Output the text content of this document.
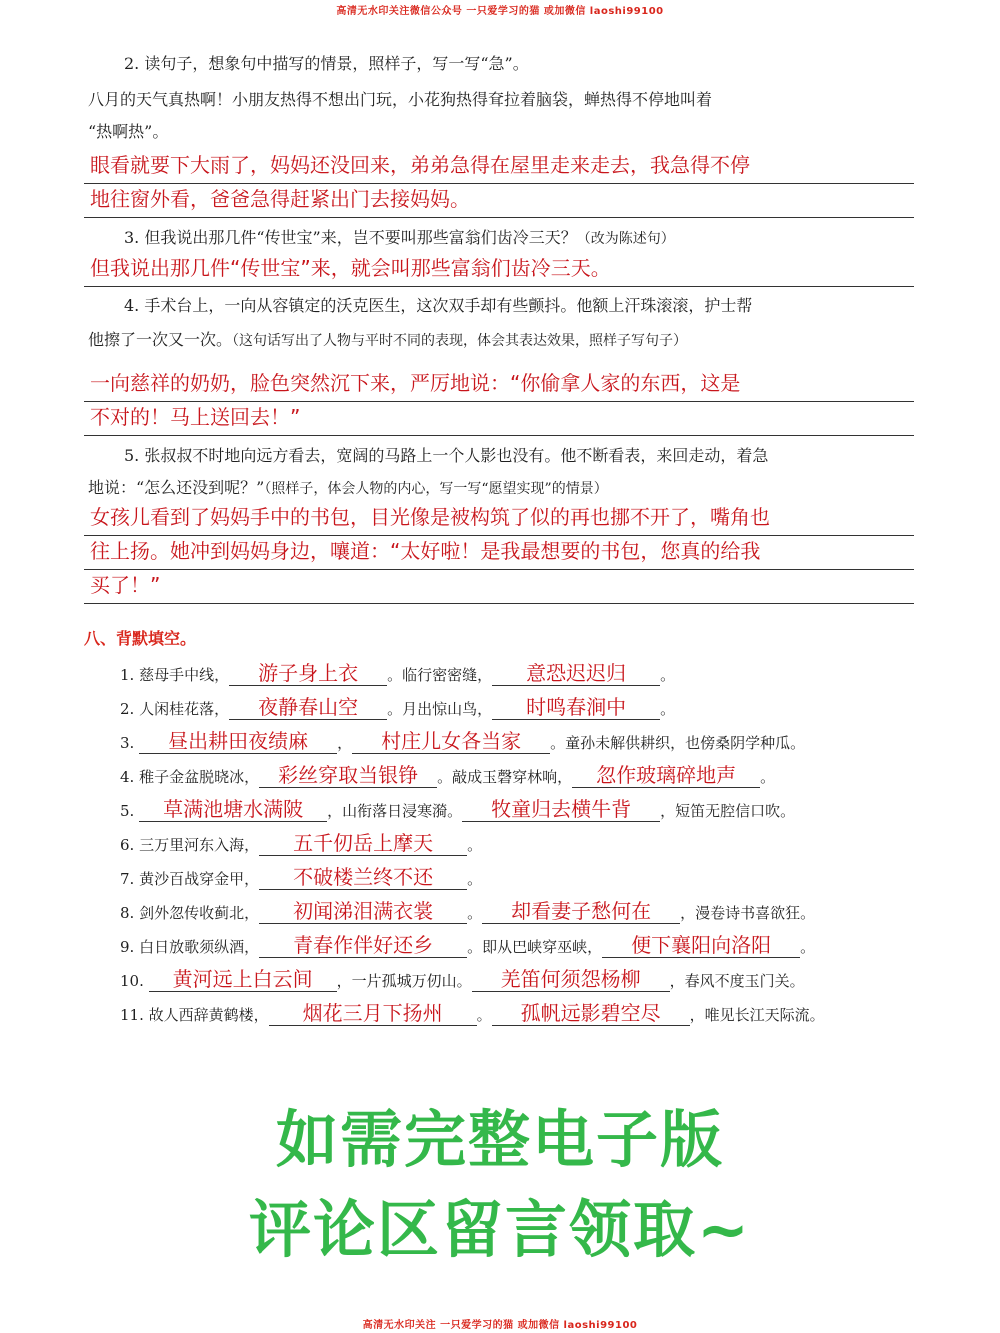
高清无水印关注微信公众号 一只爱学习的猫 或加微信 laoshi99100
2. 读句子，想象句中描写的情景，照样子，写一写“急”。
八月的天气真热啊！小朋友热得不想出门玩，小花狗热得耷拉着脑袋，蝉热得不停地叫着
“热啊热”。
眼看就要下大雨了，妈妈还没回来，弟弟急得在屋里走来走去，我急得不停
地往窗外看，爸爸急得赶紧出门去接妈妈。
3. 但我说出那几件“传世宝”来，岂不要叫那些富翁们齿冷三天？（改为陈述句）
但我说出那几件“传世宝”来，就会叫那些富翁们齿冷三天。
4. 手术台上，一向从容镇定的沃克医生，这次双手却有些颤抖。他额上汗珠滚滚，护士帮
他擦了一次又一次。（这句话写出了人物与平时不同的表现，体会其表达效果，照样子写句子）
一向慈祥的奶奶，脸色突然沉下来，严厉地说：“你偷拿人家的东西，这是
不对的！马上送回去！”
5. 张叔叔不时地向远方看去，宽阔的马路上一个人影也没有。他不断看表，来回走动，着急
地说：“怎么还没到呢？”（照样子，体会人物的内心，写一写“愿望实现”的情景）
女孩儿看到了妈妈手中的书包，目光像是被构筑了似的再也挪不开了，嘴角也
往上扬。她冲到妈妈身边，嚷道：“太好啦！是我最想要的书包，您真的给我
买了！”
八、背默填空。
1. 慈母手中线， 游子身上衣 。临行密密缝， 意恐迟迟归 。
2. 人闲桂花落， 夜静春山空 。月出惊山鸟， 时鸣春涧中 。
3. 昼出耕田夜绩麻 ， 村庄儿女各当家 。童孙未解供耕织，也傍桑阴学种瓜。
4. 稚子金盆脱晓冰， 彩丝穿取当银铮 。敲成玉磬穿林响， 忽作玻璃碎地声 。
5. 草满池塘水满陂 ，山衔落日浸寒漪。 牧童归去横牛背 ，短笛无腔信口吹。
6. 三万里河东入海， 五千仞岳上摩天 。
7. 黄沙百战穿金甲， 不破楼兰终不还 。
8. 剑外忽传收蓟北， 初闻涕泪满衣裳 。 却看妻子愁何在 ，漫卷诗书喜欲狂。
9. 白日放歌须纵酒， 青春作伴好还乡 。即从巴峡穿巫峡， 便下襄阳向洛阳 。
10. 黄河远上白云间 ，一片孤城万仞山。 羌笛何须怨杨柳 ，春风不度玉门关。
11. 故人西辞黄鹤楼， 烟花三月下扬州 。 孤帆远影碧空尽 ，唯见长江天际流。
如需完整电子版
评论区留言领取~
高清无水印关注 一只爱学习的猫 或加微信 laoshi99100
